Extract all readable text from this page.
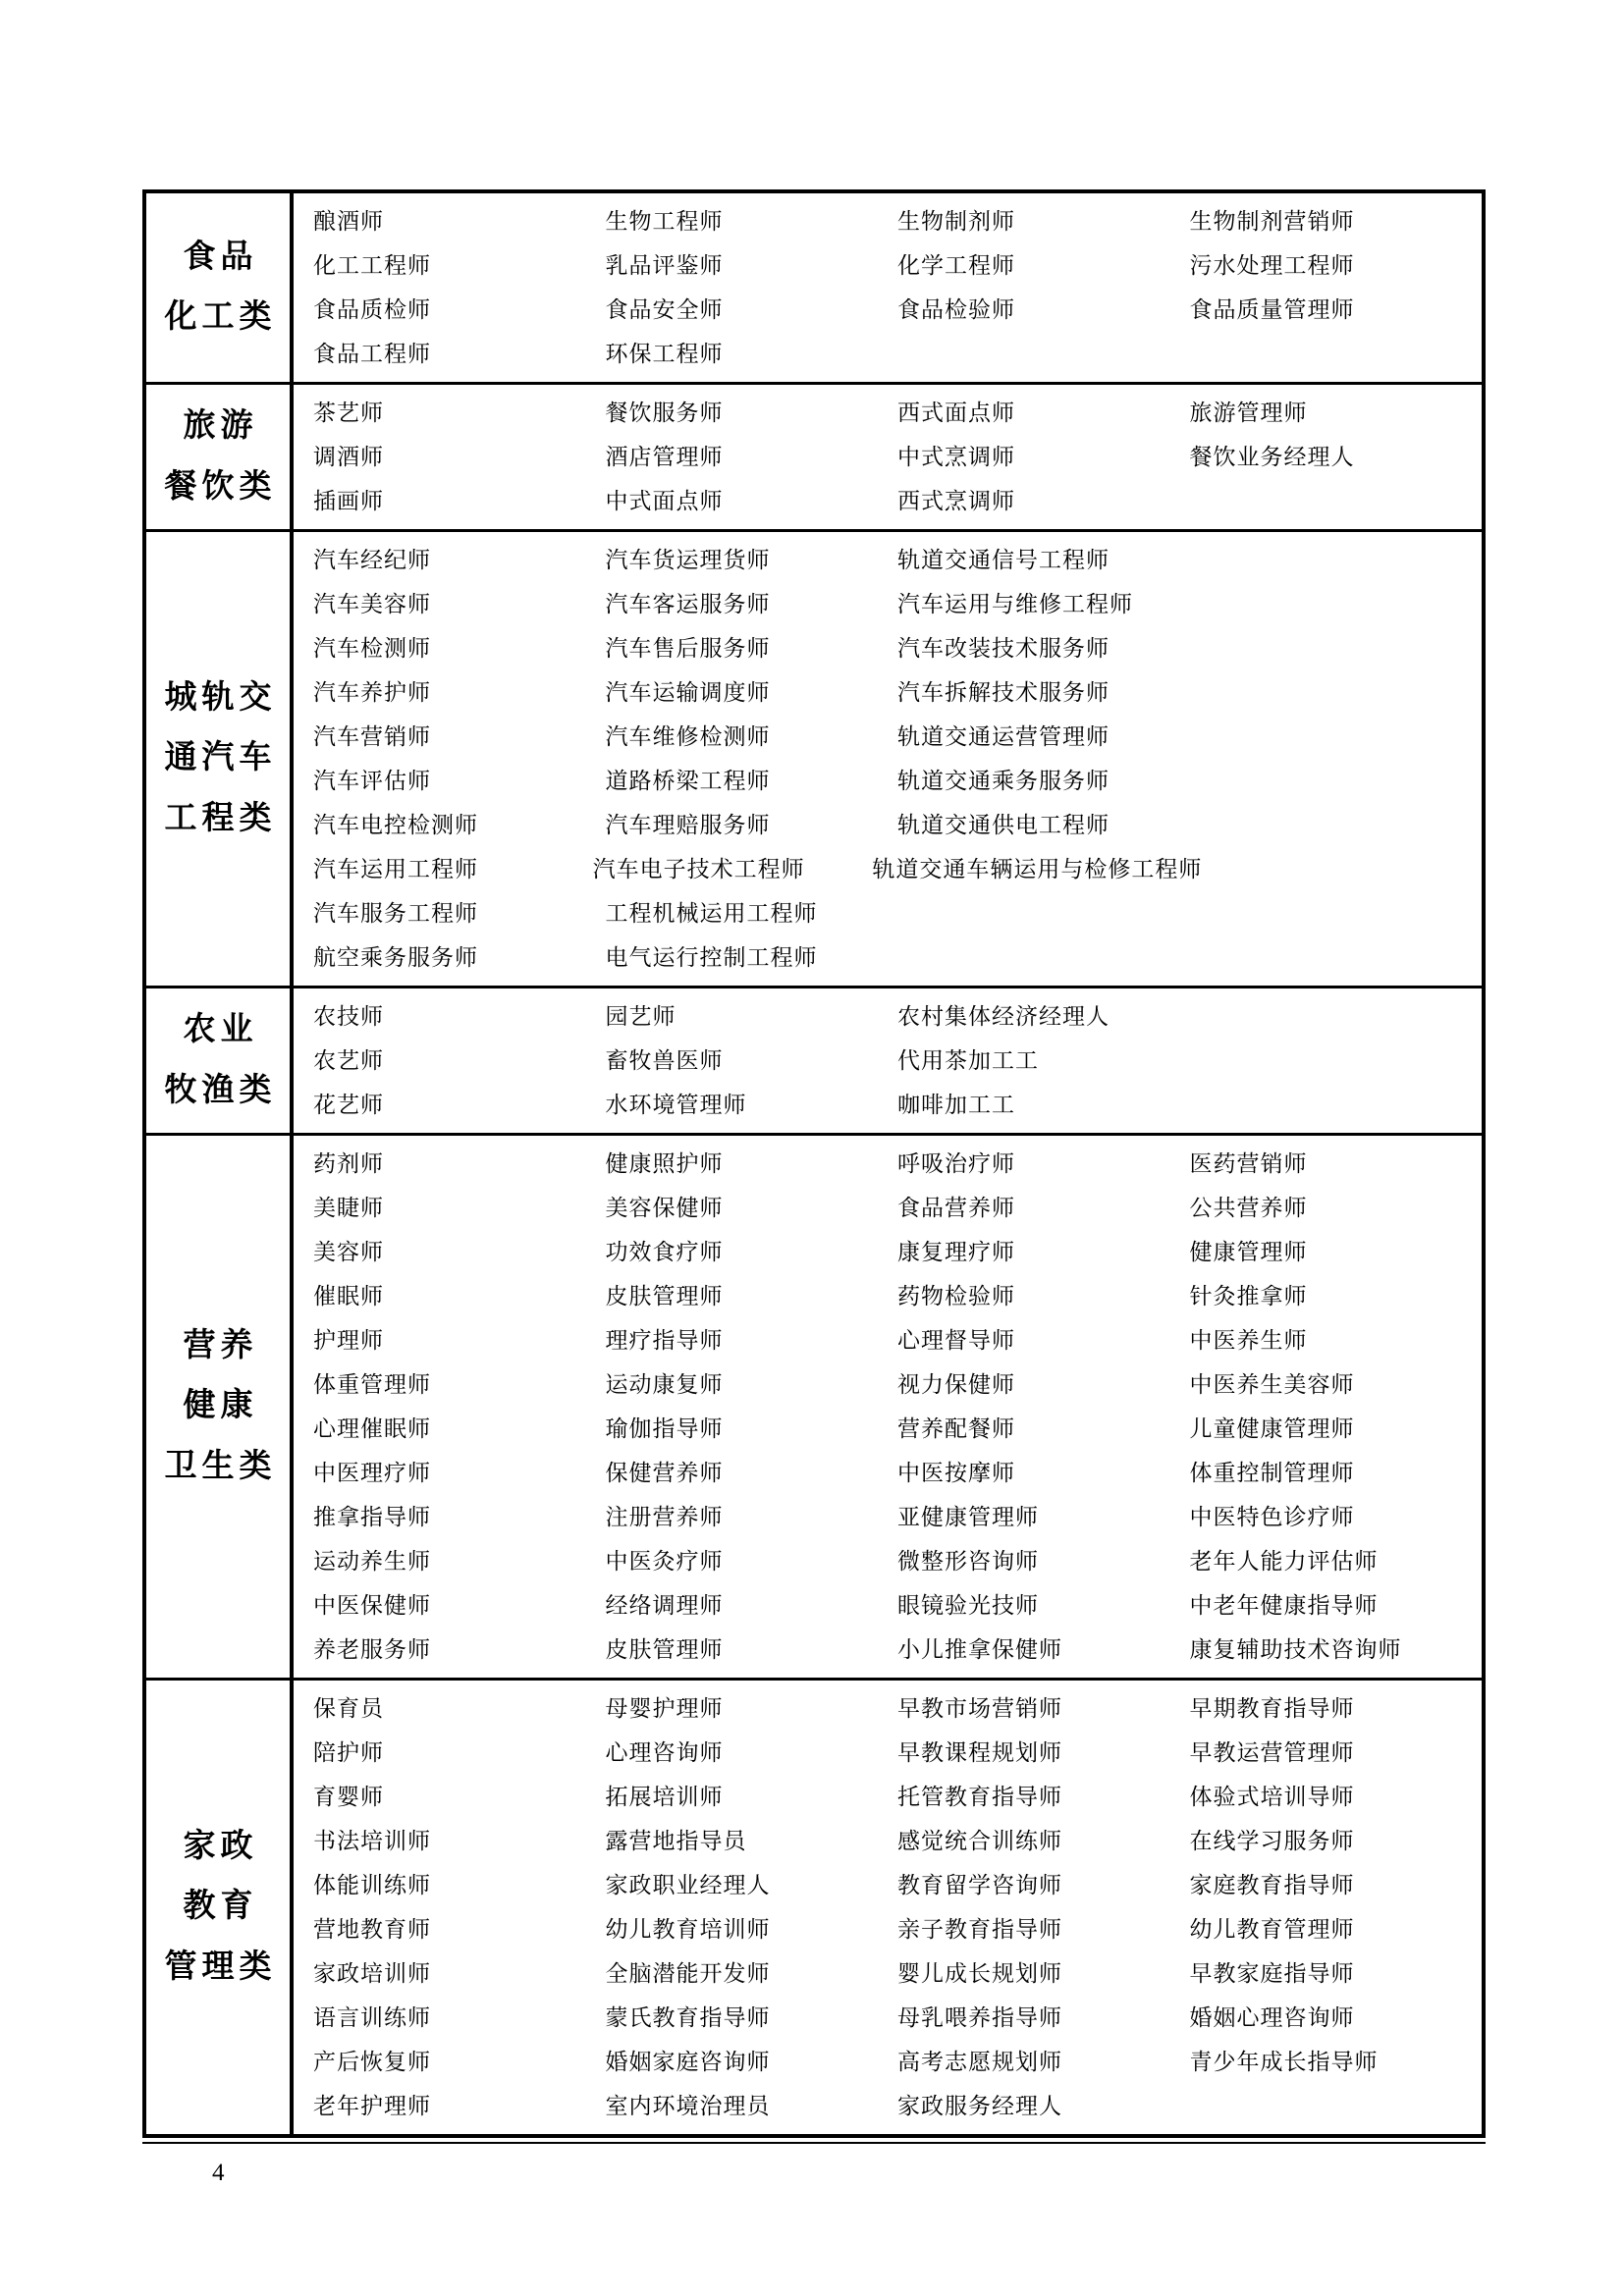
食品
化工类
酿酒师	生物工程师	生物制剂师	生物制剂营销师
化工工程师	乳品评鉴师	化学工程师	污水处理工程师
食品质检师	食品安全师	食品检验师	食品质量管理师
食品工程师	环保工程师
旅游
餐饮类
茶艺师	餐饮服务师	西式面点师	旅游管理师
调酒师	酒店管理师	中式烹调师	餐饮业务经理人
插画师	中式面点师	西式烹调师
城轨交
通汽车
工程类
汽车经纪师	汽车货运理货师	轨道交通信号工程师
汽车美容师	汽车客运服务师	汽车运用与维修工程师
汽车检测师	汽车售后服务师	汽车改装技术服务师
汽车养护师	汽车运输调度师	汽车拆解技术服务师
汽车营销师	汽车维修检测师	轨道交通运营管理师
汽车评估师	道路桥梁工程师	轨道交通乘务服务师
汽车电控检测师	汽车理赔服务师	轨道交通供电工程师
汽车运用工程师	汽车电子技术工程师	轨道交通车辆运用与检修工程师
汽车服务工程师	工程机械运用工程师
航空乘务服务师	电气运行控制工程师
农业
牧渔类
农技师	园艺师	农村集体经济经理人
农艺师	畜牧兽医师	代用茶加工工
花艺师	水环境管理师	咖啡加工工
营养
健康
卫生类
药剂师	健康照护师	呼吸治疗师	医药营销师
美睫师	美容保健师	食品营养师	公共营养师
美容师	功效食疗师	康复理疗师	健康管理师
催眠师	皮肤管理师	药物检验师	针灸推拿师
护理师	理疗指导师	心理督导师	中医养生师
体重管理师	运动康复师	视力保健师	中医养生美容师
心理催眠师	瑜伽指导师	营养配餐师	儿童健康管理师
中医理疗师	保健营养师	中医按摩师	体重控制管理师
推拿指导师	注册营养师	亚健康管理师	中医特色诊疗师
运动养生师	中医灸疗师	微整形咨询师	老年人能力评估师
中医保健师	经络调理师	眼镜验光技师	中老年健康指导师
养老服务师	皮肤管理师	小儿推拿保健师	康复辅助技术咨询师
家政
教育
管理类
保育员	母婴护理师	早教市场营销师	早期教育指导师
陪护师	心理咨询师	早教课程规划师	早教运营管理师
育婴师	拓展培训师	托管教育指导师	体验式培训导师
书法培训师	露营地指导员	感觉统合训练师	在线学习服务师
体能训练师	家政职业经理人	教育留学咨询师	家庭教育指导师
营地教育师	幼儿教育培训师	亲子教育指导师	幼儿教育管理师
家政培训师	全脑潜能开发师	婴儿成长规划师	早教家庭指导师
语言训练师	蒙氏教育指导师	母乳喂养指导师	婚姻心理咨询师
产后恢复师	婚姻家庭咨询师	高考志愿规划师	青少年成长指导师
老年护理师	室内环境治理员	家政服务经理人
4
